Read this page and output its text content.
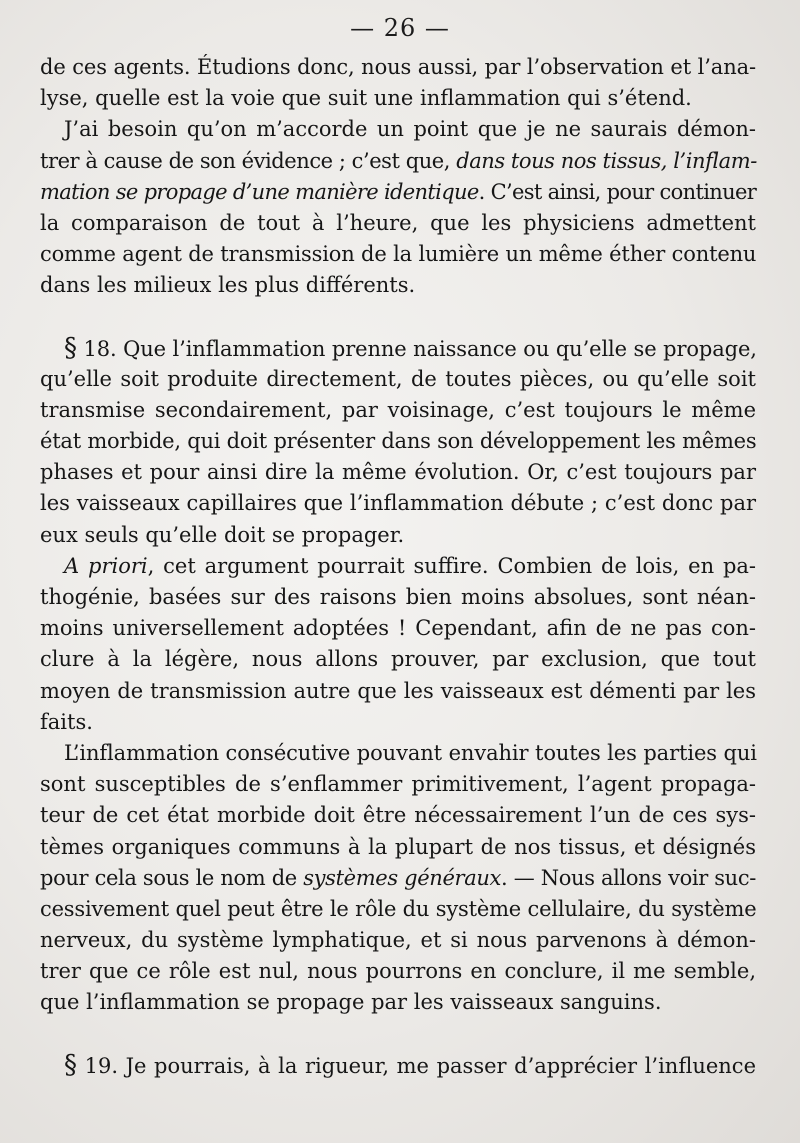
— 26 —
de ces agents. Étudions donc, nous aussi, par l’observation et l’ana-
lyse, quelle est la voie que suit une inflammation qui s’étend.
J’ai besoin qu’on m’accorde un point que je ne saurais démon-
trer à cause de son évidence ; c’est que, dans tous nos tissus, l’inflam-
mation se propage d’une manière identique. C’est ainsi, pour continuer
la comparaison de tout à l’heure, que les physiciens admettent
comme agent de transmission de la lumière un même éther contenu
dans les milieux les plus différents.
§ 18. Que l’inflammation prenne naissance ou qu’elle se propage,
qu’elle soit produite directement, de toutes pièces, ou qu’elle soit
transmise secondairement, par voisinage, c’est toujours le même
état morbide, qui doit présenter dans son développement les mêmes
phases et pour ainsi dire la même évolution. Or, c’est toujours par
les vaisseaux capillaires que l’inflammation débute ; c’est donc par
eux seuls qu’elle doit se propager.
A priori, cet argument pourrait suffire. Combien de lois, en pa-
thogénie, basées sur des raisons bien moins absolues, sont néan-
moins universellement adoptées ! Cependant, afin de ne pas con-
clure à la légère, nous allons prouver, par exclusion, que tout
moyen de transmission autre que les vaisseaux est démenti par les
faits.
L’inflammation consécutive pouvant envahir toutes les parties qui
sont susceptibles de s’enflammer primitivement, l’agent propaga-
teur de cet état morbide doit être nécessairement l’un de ces sys-
tèmes organiques communs à la plupart de nos tissus, et désignés
pour cela sous le nom de systèmes généraux. — Nous allons voir suc-
cessivement quel peut être le rôle du système cellulaire, du système
nerveux, du système lymphatique, et si nous parvenons à démon-
trer que ce rôle est nul, nous pourrons en conclure, il me semble,
que l’inflammation se propage par les vaisseaux sanguins.
§ 19. Je pourrais, à la rigueur, me passer d’apprécier l’influence
